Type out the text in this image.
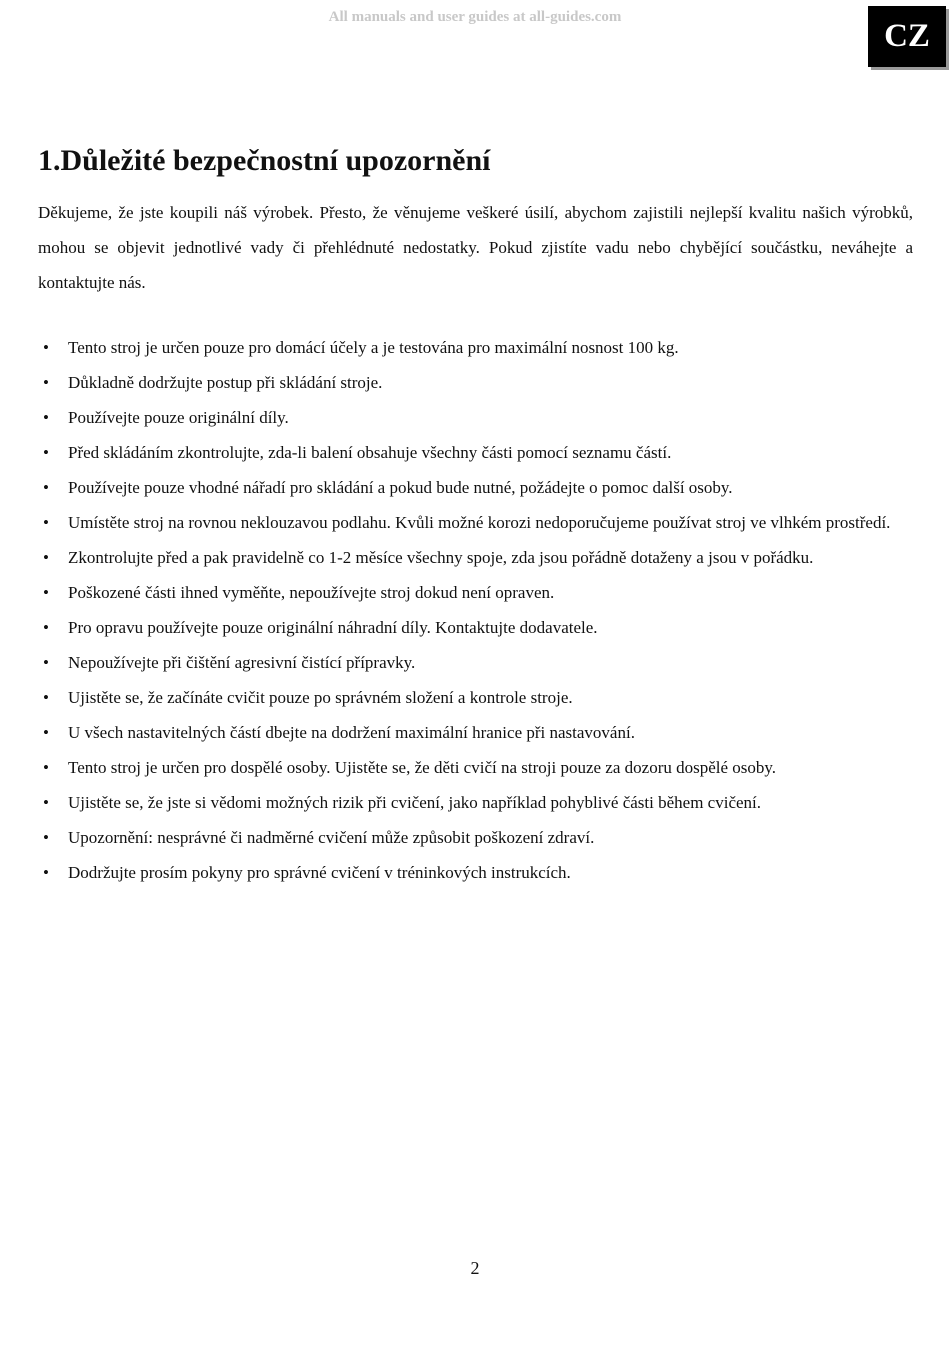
All manuals and user guides at all-guides.com
CZ
1.Důležité bezpečnostní upozornění

Děkujeme, že jste koupili náš výrobek. Přesto, že věnujeme veškeré úsilí, abychom zajistili nejlepší kvalitu našich výrobků, mohou se objevit jednotlivé vady či přehlédnuté nedostatky. Pokud zjistíte vadu nebo chybějící součástku, neváhejte a kontaktujte nás.

• Tento stroj je určen pouze pro domácí účely a je testována pro maximální nosnost 100 kg.
• Důkladně dodržujte postup při skládání stroje.
• Používejte pouze originální díly.
• Před skládáním zkontrolujte, zda-li balení obsahuje všechny části pomocí seznamu částí.
• Používejte pouze vhodné nářadí pro skládání a pokud bude nutné, požádejte o pomoc další osoby.
• Umístěte stroj na rovnou neklouzavou podlahu. Kvůli možné korozi nedoporučujeme používat stroj ve vlhkém prostředí.
• Zkontrolujte před a pak pravidelně co 1-2 měsíce všechny spoje, zda jsou pořádně dotaženy a jsou v pořádku.
• Poškozené části ihned vyměňte, nepoužívejte stroj dokud není opraven.
• Pro opravu používejte pouze originální náhradní díly. Kontaktujte dodavatele.
• Nepoužívejte při čištění agresivní čistící přípravky.
• Ujistěte se, že začínáte cvičit pouze po správném složení a kontrole stroje.
• U všech nastavitelných částí dbejte na dodržení maximální hranice při nastavování.
• Tento stroj je určen pro dospělé osoby. Ujistěte se, že děti cvičí na stroji pouze za dozoru dospělé osoby.
• Ujistěte se, že jste si vědomi možných rizik při cvičení, jako například pohyblivé části během cvičení.
• Upozornění: nesprávné či nadměrné cvičení může způsobit poškození zdraví.
• Dodržujte prosím pokyny pro správné cvičení v tréninkových instrukcích.
2
